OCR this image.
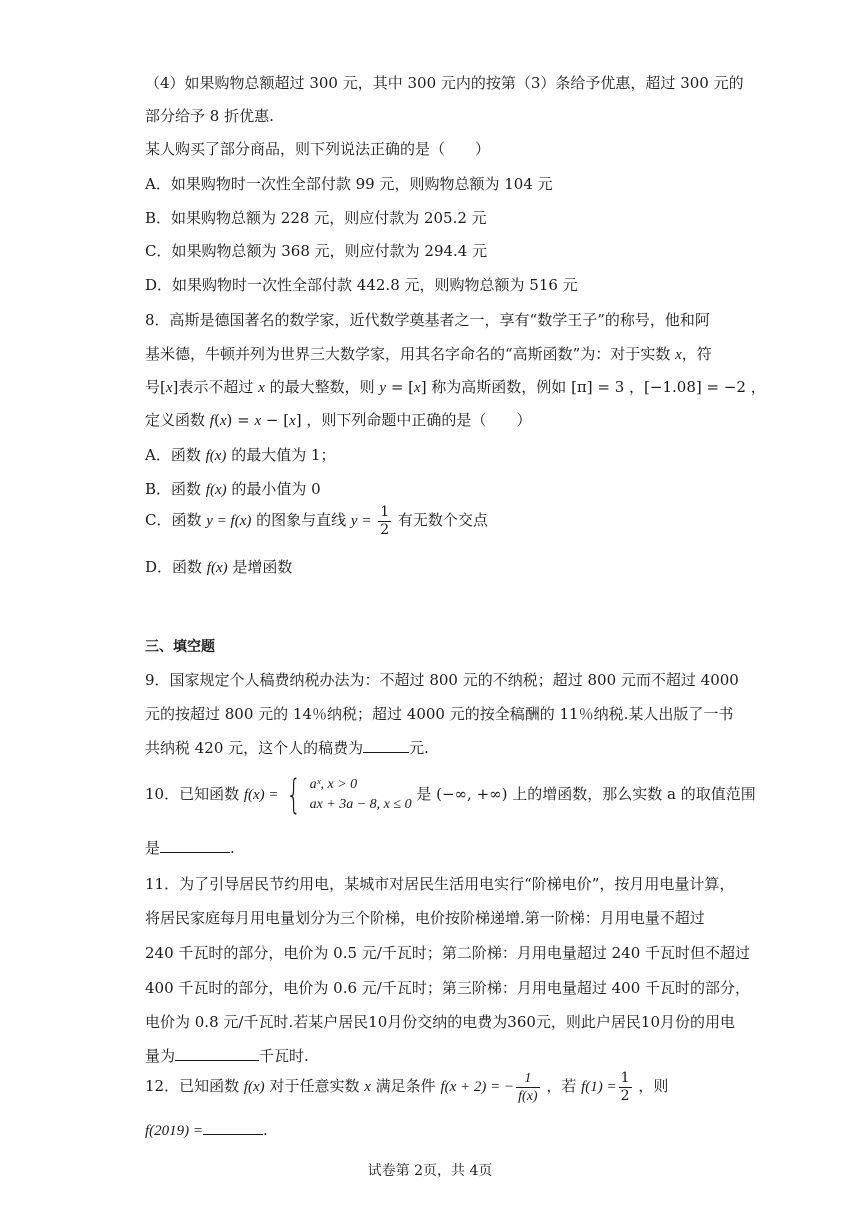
（4）如果购物总额超过 300 元，其中 300 元内的按第（3）条给予优惠，超过 300 元的
部分给予 8 折优惠.
某人购买了部分商品，则下列说法正确的是（　　）
A．如果购物时一次性全部付款 99 元，则购物总额为 104 元
B．如果购物总额为 228 元，则应付款为 205.2 元
C．如果购物总额为 368 元，则应付款为 294.4 元
D．如果购物时一次性全部付款 442.8 元，则购物总额为 516 元
8．高斯是德国著名的数学家，近代数学奠基者之一，享有“数学王子”的称号，他和阿
基米德，牛顿并列为世界三大数学家，用其名字命名的“高斯函数”为：对于实数 x，符
号[x]表示不超过 x 的最大整数，则 y = [x] 称为高斯函数，例如 [π] = 3 ，[−1.08] = −2 ，
定义函数 f(x) = x − [x] ，则下列命题中正确的是（　　）
A．函数 f(x) 的最大值为 1；
B．函数 f(x) 的最小值为 0
C．函数 y = f(x) 的图象与直线 $y = \frac{1}{2}$ 有无数个交点
D．函数 f(x) 是增函数
三、填空题
9．国家规定个人稿费纳税办法为：不超过 800 元的不纳税；超过 800 元而不超过 4000
元的按超过 800 元的 14％纳税；超过 4000 元的按全稿酬的 11％纳税.某人出版了一书
共纳税 420 元，这个人的稿费为	元.
10．已知函数 f(x) = { aˣ, x > 0
ax + 3a − 8, x ≤ 0
是 (−∞, +∞) 上的增函数，那么实数 a 的取值范围
是	.
11．为了引导居民节约用电，某城市对居民生活用电实行“阶梯电价”，按月用电量计算，
将居民家庭每月用电量划分为三个阶梯，电价按阶梯递增.第一阶梯：月用电量不超过
240 千瓦时的部分，电价为 0.5 元/千瓦时；第二阶梯：月用电量超过 240 千瓦时但不超过
400 千瓦时的部分，电价为 0.6 元/千瓦时；第三阶梯：月用电量超过 400 千瓦时的部分，
电价为 0.8 元/千瓦时.若某户居民10月份交纳的电费为360元，则此户居民10月份的用电
量为	千瓦时.
12．已知函数 f(x) 对于任意实数 x 满足条件 f(x + 2) = − $\frac{1}{f(x)}$ ，若 $f(1) = \frac{1}{2}$ ，则
f(2019) =	.
试卷第 2页，共 4页
